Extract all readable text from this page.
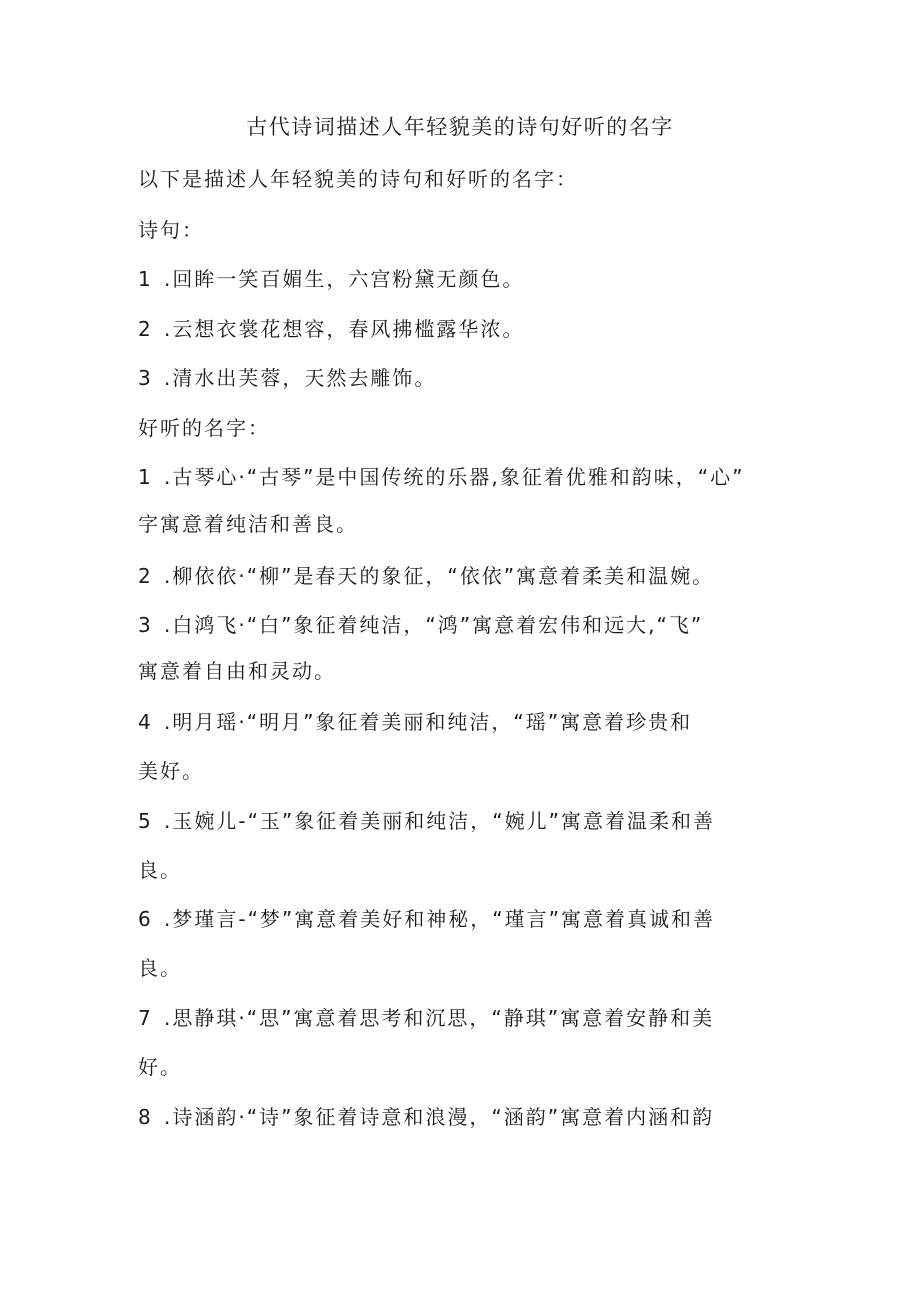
古代诗词描述人年轻貌美的诗句好听的名字
以下是描述人年轻貌美的诗句和好听的名字：
诗句：
1 .回眸一笑百媚生，六宫粉黛无颜色。
2 .云想衣裳花想容，春风拂槛露华浓。
3 .清水出芙蓉，天然去雕饰。
好听的名字：
1 .古琴心·“古琴”是中国传统的乐器,象征着优雅和韵味，“心”
字寓意着纯洁和善良。
2 .柳依依·“柳”是春天的象征，“依依”寓意着柔美和温婉。
3 .白鸿飞·“白”象征着纯洁，“鸿”寓意着宏伟和远大,“飞”
寓意着自由和灵动。
4 .明月瑶·“明月”象征着美丽和纯洁，“瑶”寓意着珍贵和
美好。
5 .玉婉儿-“玉”象征着美丽和纯洁，“婉儿”寓意着温柔和善
良。
6 .梦瑾言-“梦”寓意着美好和神秘，“瑾言”寓意着真诚和善
良。
7 .思静琪·“思”寓意着思考和沉思，“静琪”寓意着安静和美
好。
8 .诗涵韵·“诗”象征着诗意和浪漫，“涵韵”寓意着内涵和韵
